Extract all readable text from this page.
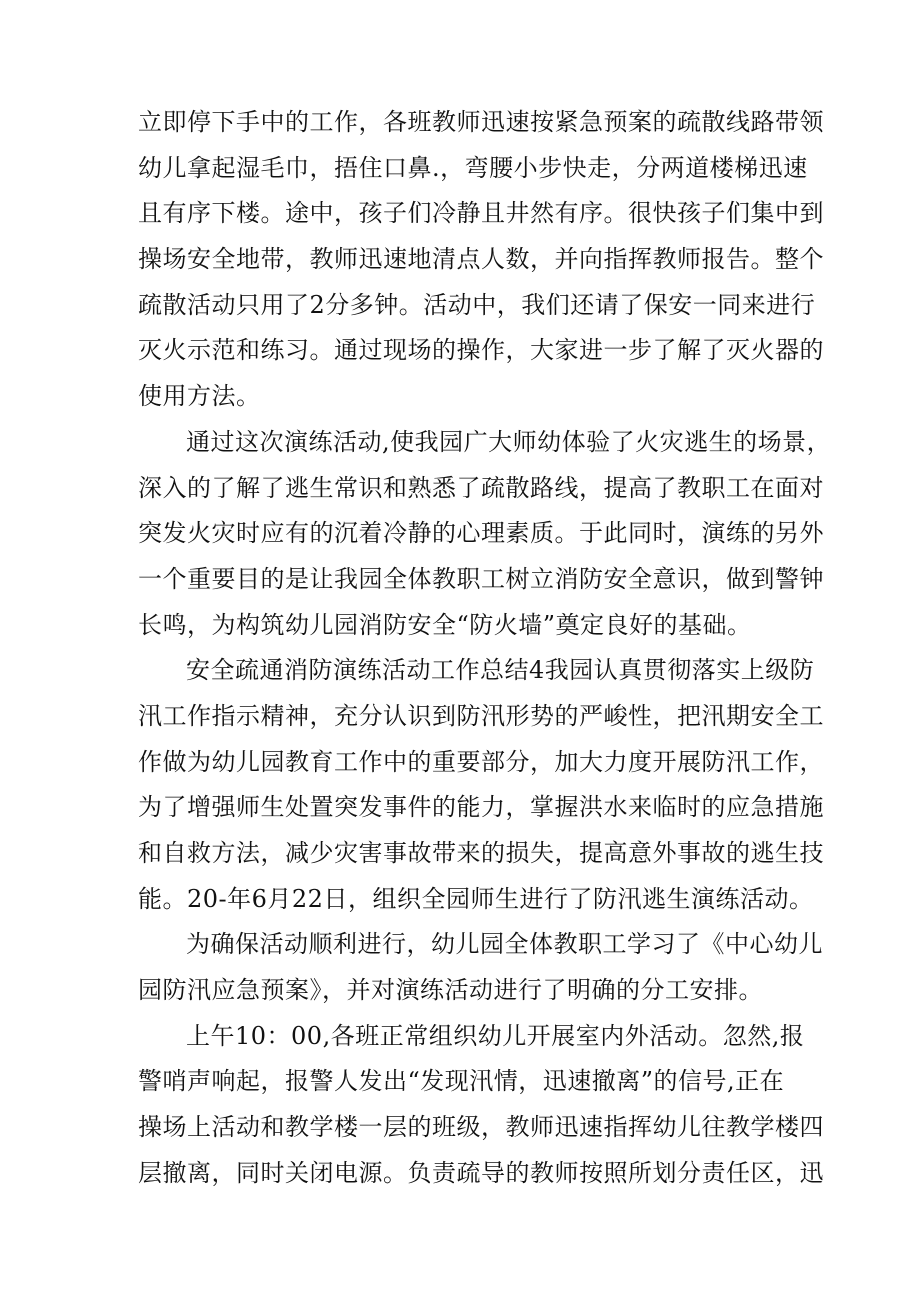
立即停下手中的工作，各班教师迅速按紧急预案的疏散线路带领
幼儿拿起湿毛巾，捂住口鼻.，弯腰小步快走，分两道楼梯迅速
且有序下楼。途中，孩子们冷静且井然有序。很快孩子们集中到
操场安全地带，教师迅速地清点人数，并向指挥教师报告。整个
疏散活动只用了2分多钟。活动中，我们还请了保安一同来进行
灭火示范和练习。通过现场的操作，大家进一步了解了灭火器的
使用方法。
通过这次演练活动,使我园广大师幼体验了火灾逃生的场景，
深入的了解了逃生常识和熟悉了疏散路线，提高了教职工在面对
突发火灾时应有的沉着冷静的心理素质。于此同时，演练的另外
一个重要目的是让我园全体教职工树立消防安全意识，做到警钟
长鸣，为构筑幼儿园消防安全“防火墙”奠定良好的基础。
安全疏通消防演练活动工作总结4我园认真贯彻落实上级防
汛工作指示精神，充分认识到防汛形势的严峻性，把汛期安全工
作做为幼儿园教育工作中的重要部分，加大力度开展防汛工作，
为了增强师生处置突发事件的能力，掌握洪水来临时的应急措施
和自救方法，减少灾害事故带来的损失，提高意外事故的逃生技
能。20-年6月22日，组织全园师生进行了防汛逃生演练活动。
为确保活动顺利进行，幼儿园全体教职工学习了《中心幼儿
园防汛应急预案》，并对演练活动进行了明确的分工安排。
上午10：00,各班正常组织幼儿开展室内外活动。忽然,报
警哨声响起，报警人发出“发现汛情，迅速撤离”的信号,正在
操场上活动和教学楼一层的班级，教师迅速指挥幼儿往教学楼四
层撤离，同时关闭电源。负责疏导的教师按照所划分责任区，迅
